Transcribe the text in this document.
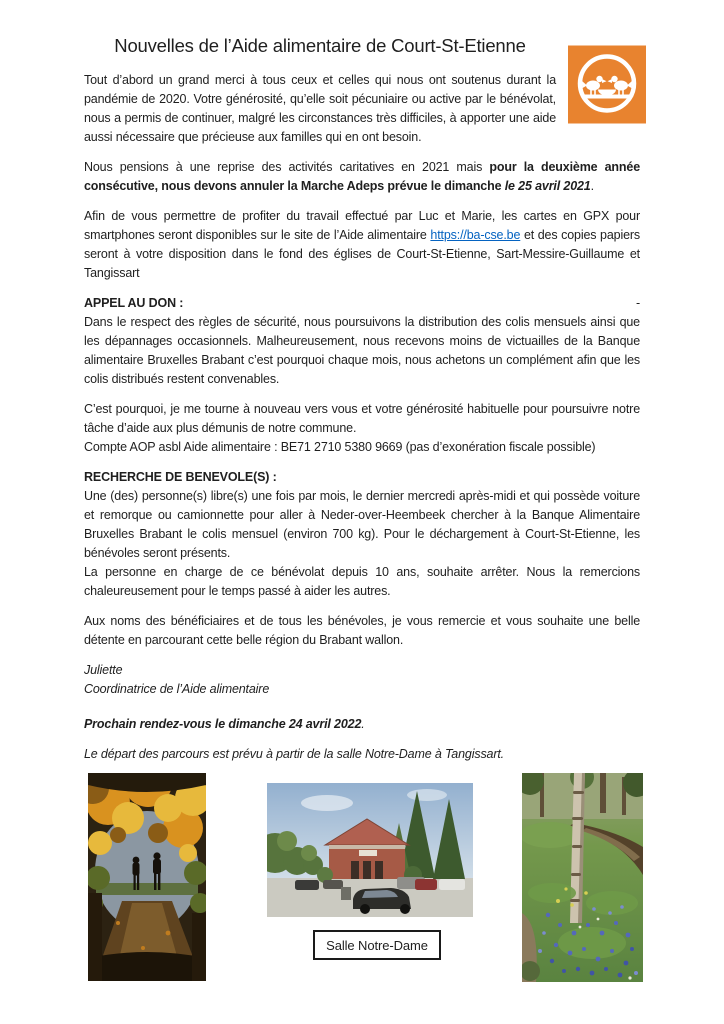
Nouvelles de l’Aide alimentaire de Court-St-Etienne

Tout d’abord un grand merci à tous ceux et celles qui nous ont soutenus durant la pandémie de 2020. Votre générosité, qu’elle soit pécuniaire ou active par le bénévolat, nous a permis de continuer, malgré les circonstances très difficiles, à apporter une aide aussi nécessaire que précieuse aux familles qui en ont besoin.

Nous pensions à une reprise des activités caritatives en 2021 mais pour la deuxième année consécutive, nous devons annuler la Marche Adeps prévue le dimanche le 25 avril 2021.

Afin de vous permettre de profiter du travail effectué par Luc et Marie, les cartes en GPX pour smartphones seront disponibles sur le site de l’Aide alimentaire https://ba-cse.be et des copies papiers seront à votre disposition dans le fond des églises de Court-St-Etienne, Sart-Messire-Guillaume et Tangissart

APPEL AU DON :	-

Dans le respect des règles de sécurité, nous poursuivons la distribution des colis mensuels ainsi que les dépannages occasionnels. Malheureusement, nous recevons moins de victuailles de la Banque alimentaire Bruxelles Brabant c’est pourquoi chaque mois, nous achetons un complément afin que les colis distribués restent convenables.

C’est pourquoi, je me tourne à nouveau vers vous et votre générosité habituelle pour poursuivre notre tâche d’aide aux plus démunis de notre commune.

Compte AOP asbl Aide alimentaire : BE71 2710 5380 9669 (pas d’exonération fiscale possible)

RECHERCHE DE BENEVOLE(S) :

Une (des) personne(s) libre(s) une fois par mois, le dernier mercredi après-midi et qui possède voiture et remorque ou camionnette pour aller à Neder-over-Heembeek chercher à la Banque Alimentaire Bruxelles Brabant le colis mensuel (environ 700 kg). Pour le déchargement à Court-St-Etienne, les bénévoles seront présents.

La personne en charge de ce bénévolat depuis 10 ans, souhaite arrêter. Nous la remercions chaleureusement pour le temps passé à aider les autres.

Aux noms des bénéficiaires et de tous les bénévoles, je vous remercie et vous souhaite une belle détente en parcourant cette belle région du Brabant wallon.

Juliette

Coordinatrice de l’Aide alimentaire

Prochain rendez-vous le dimanche 24 avril 2022.

Le départ des parcours est prévu à partir de la salle Notre-Dame à Tangissart.

Salle Notre-Dame
